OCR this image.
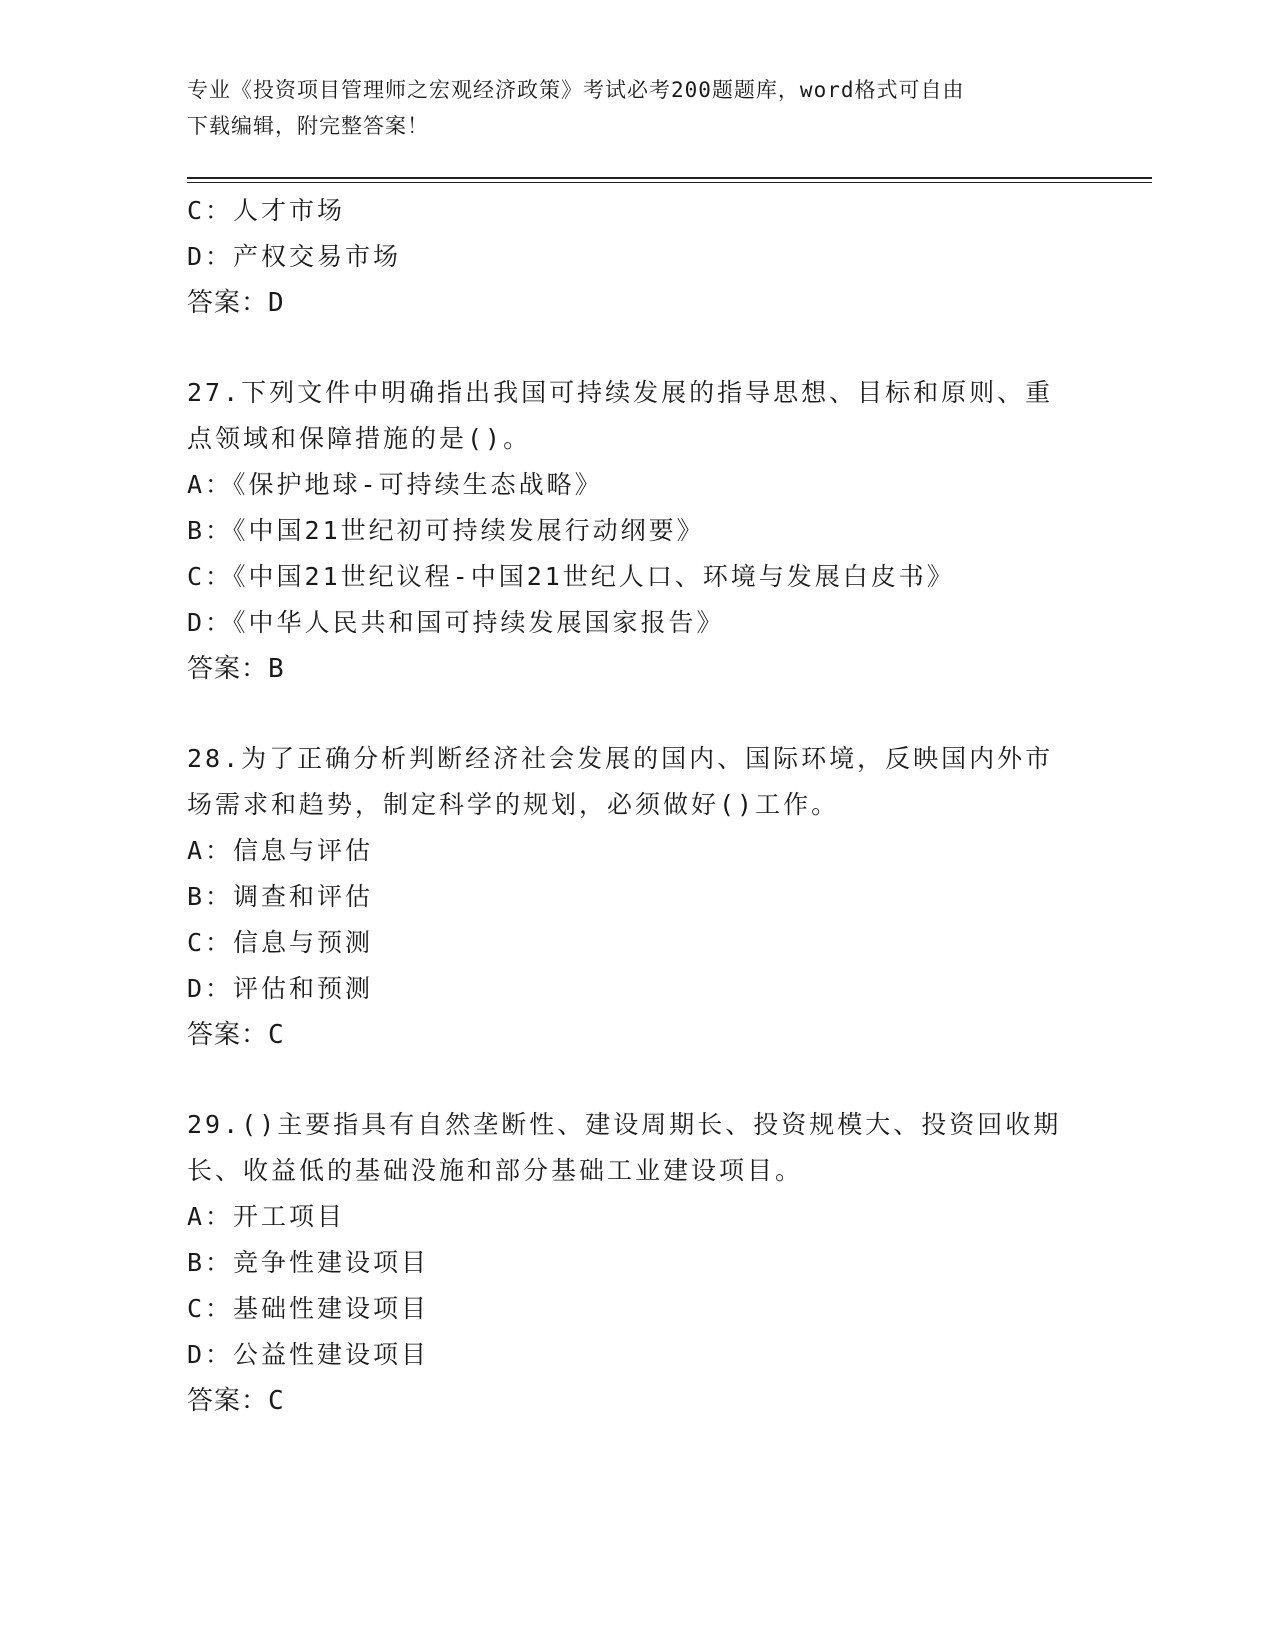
专业《投资项目管理师之宏观经济政策》考试必考200题题库，word格式可自由
下载编辑，附完整答案！
C：人才市场
D：产权交易市场
答案：D
27.下列文件中明确指出我国可持续发展的指导思想、目标和原则、重
点领域和保障措施的是()。
A：《保护地球-可持续生态战略》
B：《中国21世纪初可持续发展行动纲要》
C：《中国21世纪议程-中国21世纪人口、环境与发展白皮书》
D：《中华人民共和国可持续发展国家报告》
答案：B
28.为了正确分析判断经济社会发展的国内、国际环境，反映国内外市
场需求和趋势，制定科学的规划，必须做好()工作。
A：信息与评估
B：调查和评估
C：信息与预测
D：评估和预测
答案：C
29.()主要指具有自然垄断性、建设周期长、投资规模大、投资回收期
长、收益低的基础没施和部分基础工业建设项目。
A：开工项目
B：竞争性建设项目
C：基础性建设项目
D：公益性建设项目
答案：C
